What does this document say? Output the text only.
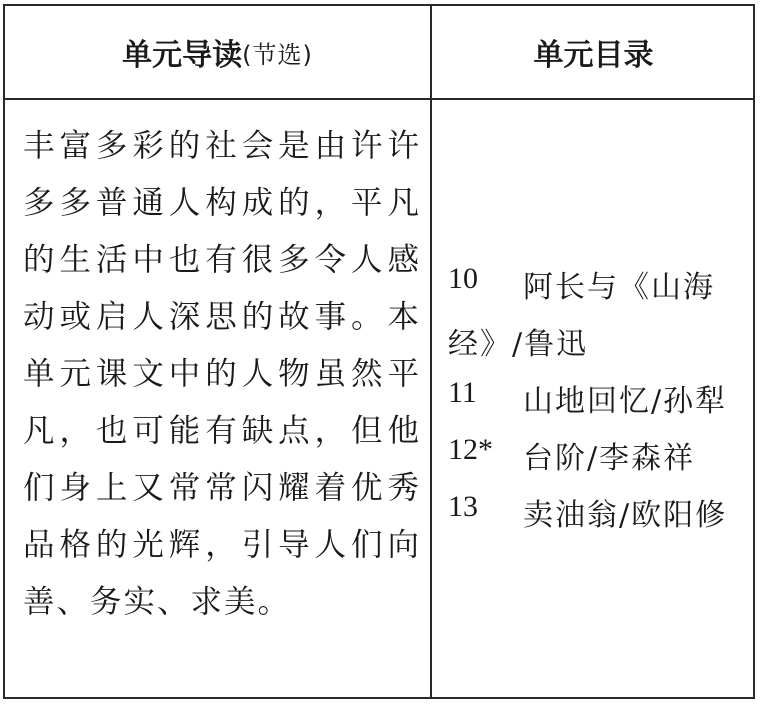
单元导读 (节选)	单元目录

丰富多彩的社会是由许许多多普通人构成的，平凡的生活中也有很多令人感动或启人深思的故事。本单元课文中的人物虽然平凡，也可能有缺点，但他们身上又常常闪耀着优秀品格的光辉，引导人们向善、务实、求美。

10 阿长与《山海
经》/鲁迅
11 山地回忆/孙犁
12* 台阶/李森祥
13 卖油翁/欧阳修
